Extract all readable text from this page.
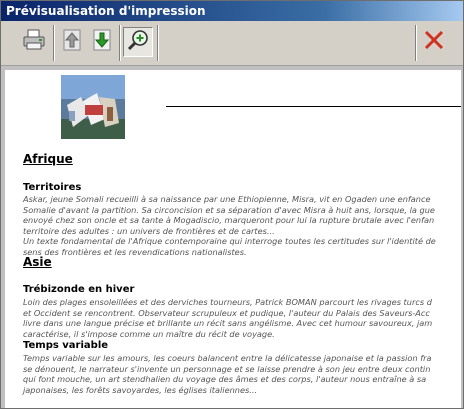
Prévisualisation d'impression
Afrique
Territoires
Askar, jeune Somali recueilli à sa naissance par une Ethiopienne, Misra, vit en Ogaden une enfance
Somalie d'avant la partition. Sa circoncision et sa séparation d'avec Misra à huit ans, lorsque, la gue
envoyé chez son oncle et sa tante à Mogadiscio, marqueront pour lui la rupture brutale avec l'enfan
territoire des adultes : un univers de frontières et de cartes...
Un texte fondamental de l'Afrique contemporaine qui interroge toutes les certitudes sur l'identité de
sens des frontières et les revendications nationalistes.
Asie
Trébizonde en hiver
Loin des plages ensoleillées et des derviches tourneurs, Patrick BOMAN parcourt les rivages turcs d
et Occident se rencontrent. Observateur scrupuleux et pudique, l'auteur du Palais des Saveurs-Acc
livre dans une langue précise et brillante un récit sans angélisme. Avec cet humour savoureux, jam
caractérise, il s'impose comme un maître du récit de voyage.
Temps variable
Temps variable sur les amours, les coeurs balancent entre la délicatesse japonaise et la passion fra
se dénouent, le narrateur s'invente un personnage et se laisse prendre à son jeu entre deux contin
qui font mouche, un art stendhalien du voyage des âmes et des corps, l'auteur nous entraîne à sa
japonaises, les forêts savoyardes, les églises italiennes...
